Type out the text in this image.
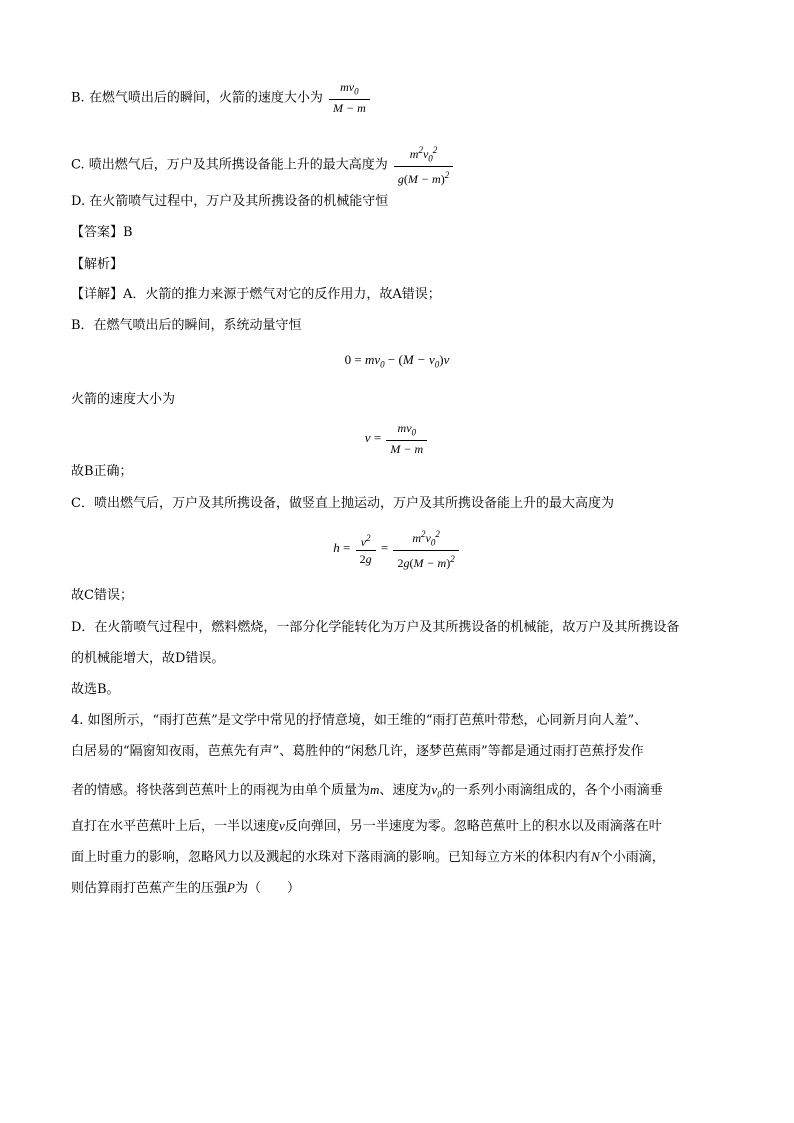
B. 在燃气喷出后的瞬间，火箭的速度大小为 $\frac{mv_0}{M - m}$
C. 喷出燃气后，万户及其所携设备能上升的最大高度为 $\frac{m^2v_0^2}{g(M - m)^2}$
D. 在火箭喷气过程中，万户及其所携设备的机械能守恒
【答案】B
【解析】
【详解】A．火箭的推力来源于燃气对它的反作用力，故A错误；
B．在燃气喷出后的瞬间，系统动量守恒
$0 = mv_0 - (M - v_0)v$
火箭的速度大小为
$v = \frac{mv_0}{M - m}$
故B正确；
C．喷出燃气后，万户及其所携设备，做竖直上抛运动，万户及其所携设备能上升的最大高度为
$h = \frac{v^2}{2g} = \frac{m^2v_0^2}{2g(M - m)^2}$
故C错误；
D．在火箭喷气过程中，燃料燃烧，一部分化学能转化为万户及其所携设备的机械能，故万户及其所携设备
的机械能增大，故D错误。
故选B。
4. 如图所示，“雨打芭蕉”是文学中常见的抒情意境，如王维的“雨打芭蕉叶带愁，心同新月向人羞”、
白居易的“隔窗知夜雨，芭蕉先有声”、葛胜仲的“闲愁几许，逐梦芭蕉雨”等都是通过雨打芭蕉抒发作
者的情感。将快落到芭蕉叶上的雨视为由单个质量为m、速度为$v_0$的一系列小雨滴组成的，各个小雨滴垂
直打在水平芭蕉叶上后，一半以速度v反向弹回，另一半速度为零。忽略芭蕉叶上的积水以及雨滴落在叶
面上时重力的影响，忽略风力以及溅起的水珠对下落雨滴的影响。已知每立方米的体积内有N个小雨滴，
则估算雨打芭蕉产生的压强P为（　　）
